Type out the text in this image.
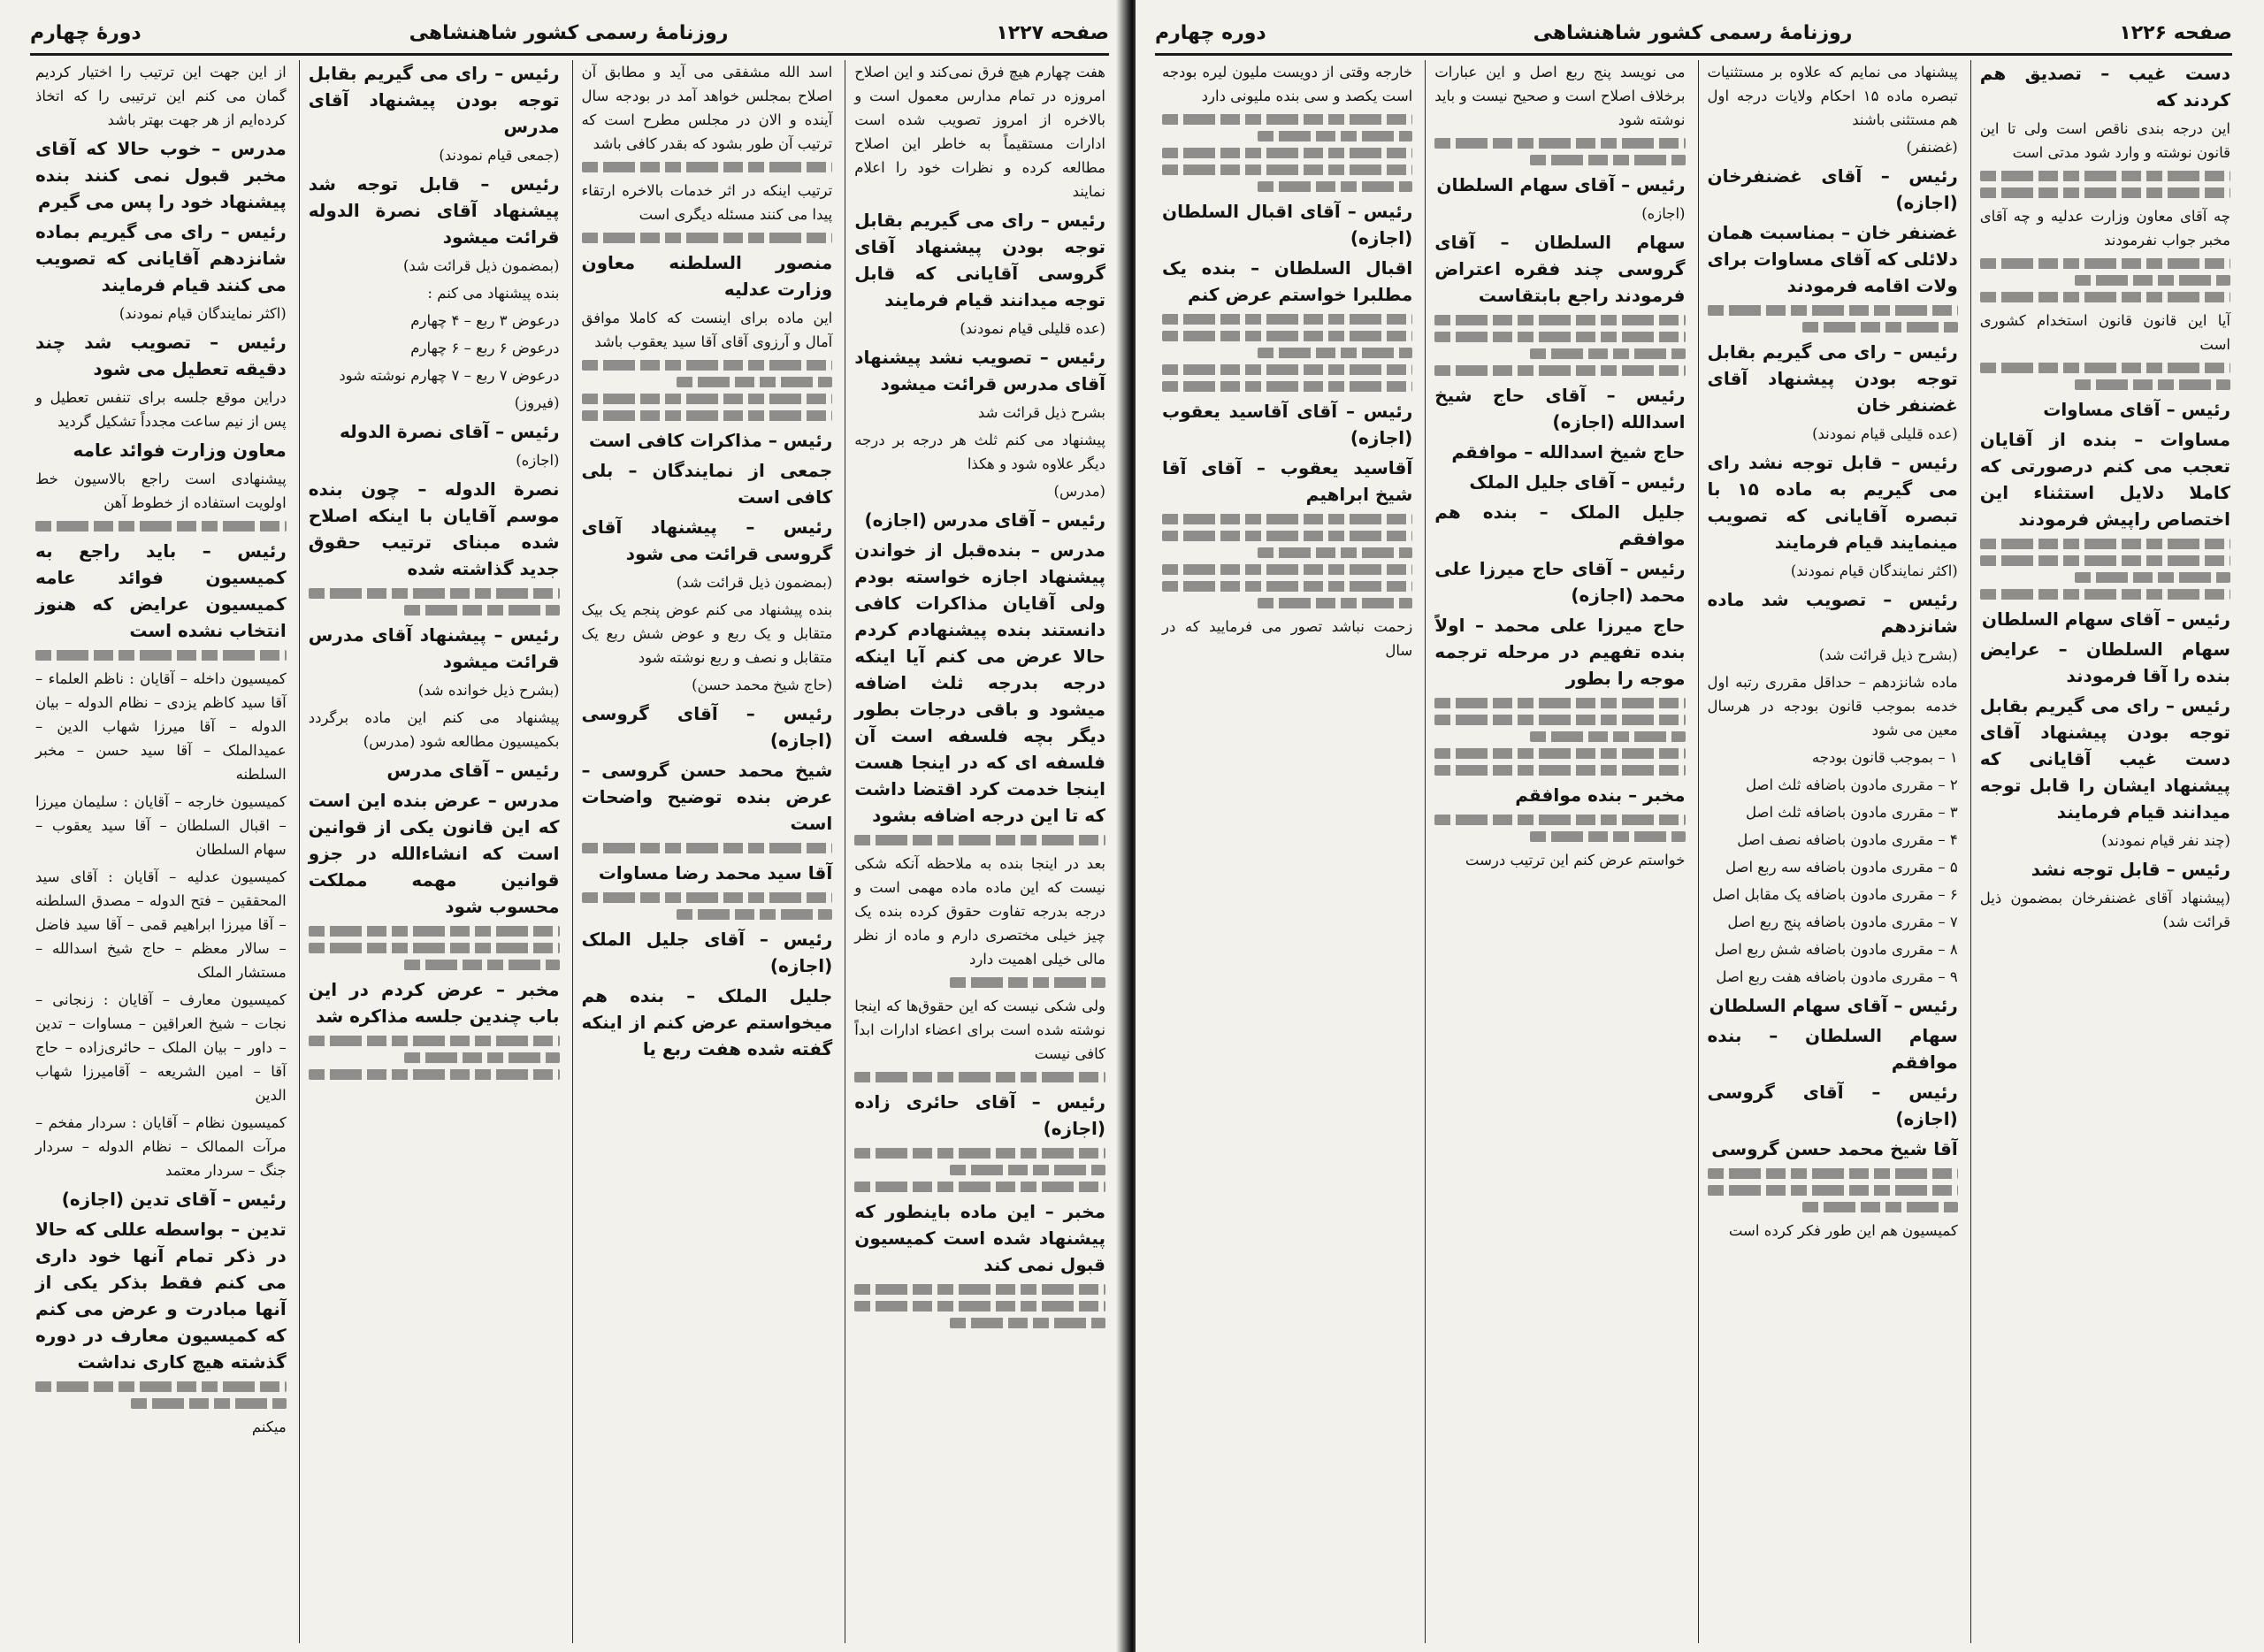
صفحه ۱۲۲۷
روزنامهٔ رسمی کشور شاهنشاهی
دورهٔ چهارم

هفت چهارم هیچ فرق نمی‌کند و این اصلاح امروزه در تمام مدارس معمول است و بالاخره از امروز تصویب شده است ادارات مستقیماً به خاطر این اصلاح مطالعه کرده و نظرات خود را اعلام نمایند

رئیس – رای می گیریم بقابل توجه بودن پیشنهاد آقای گروسی آقایانی که قابل توجه میدانند قیام فرمایند

(عده قلیلی قیام نمودند)

رئیس – تصویب نشد پیشنهاد آقای مدرس قرائت میشود

بشرح ذیل قرائت شد

پیشنهاد می کنم ثلث هر درجه بر درجه دیگر علاوه شود و هکذا

(مدرس)

رئیس – آقای مدرس (اجازه)

مدرس – بنده‌قبل از خواندن پیشنهاد اجازه خواسته بودم ولی آقایان مذاکرات کافی دانستند بنده پیشنهادم کردم حالا عرض می کنم آیا اینکه درجه بدرجه ثلث اضافه میشود و باقی درجات بطور دیگر بچه فلسفه است آن فلسفه ای که در اینجا هست اینجا خدمت کرد اقتضا داشت که تا این درجه اضافه بشود

بعد در اینجا بنده به ملاحظه آنکه شکی نیست که این ماده ماده مهمی است و درجه بدرجه تفاوت حقوق کرده بنده یک چیز خیلی مختصری دارم و ماده از نظر مالی خیلی اهمیت دارد

ولی شکی نیست که این حقوق‌ها که اینجا نوشته شده است برای اعضاء ادارات ابداً کافی نیست

رئیس – آقای حائری زاده (اجازه)

مخبر – این ماده باینطور که پیشنهاد شده است کمیسیون قبول نمی کند

اسد الله مشفقی می آید و مطابق آن اصلاح بمجلس خواهد آمد در بودجه سال آینده و الان در مجلس مطرح است که ترتیب آن طور بشود که بقدر کافی باشد

ترتیب اینکه در اثر خدمات بالاخره ارتقاء پیدا می کنند مسئله دیگری است

منصور السلطنه معاون وزارت عدلیه

این ماده برای اینست که کاملا موافق آمال و آرزوی آقای آقا سید یعقوب باشد

رئیس – مذاکرات کافی است

جمعی از نمایندگان – بلی کافی است

رئیس – پیشنهاد آقای گروسی قرائت می شود

(بمضمون ذیل قرائت شد)

بنده پیشنهاد می کنم عوض پنجم یک بیک متقابل و یک ربع و عوض شش ربع یک متقابل و نصف و ربع نوشته شود

(حاج شیخ محمد حسن)

رئیس – آقای گروسی (اجازه)

شیخ محمد حسن گروسی – عرض بنده توضیح واضحات است

آقا سید محمد رضا مساوات

رئیس – آقای جلیل الملک (اجازه)

جلیل الملک – بنده هم میخواستم عرض کنم از اینکه گفته شده هفت ربع یا

رئیس – رای می گیریم بقابل توجه بودن پیشنهاد آقای مدرس

(جمعی قیام نمودند)

رئیس – قابل توجه شد پیشنهاد آقای نصرة الدوله قرائت میشود

(بمضمون ذیل قرائت شد)

بنده پیشنهاد می کنم :

درعوض ۳ ربع – ۴ چهارم

درعوض ۶ ربع – ۶ چهارم

درعوض ۷ ربع – ۷ چهارم نوشته شود

(فیروز)

رئیس – آقای نصرة الدوله

(اجازه)

نصرة الدوله – چون بنده موسم آقایان با اینکه اصلاح شده مبنای ترتیب حقوق جدید گذاشته شده

رئیس – پیشنهاد آقای مدرس قرائت میشود

(بشرح ذیل خوانده شد)

پیشنهاد می کنم این ماده برگردد بکمیسیون مطالعه شود (مدرس)

رئیس – آقای مدرس

مدرس – عرض بنده این است که این قانون یکی از قوانین است که انشاءالله در جزو قوانین مهمه مملکت محسوب شود

مخبر – عرض کردم در این باب چندین جلسه مذاکره شد

از این جهت این ترتیب را اختیار کردیم گمان می کنم این ترتیبی را که اتخاذ کرده‌ایم از هر جهت بهتر باشد

مدرس – خوب حالا که آقای مخبر قبول نمی کنند بنده پیشنهاد خود را پس می گیرم

رئیس – رای می گیریم بماده شانزدهم آقایانی که تصویب می کنند قیام فرمایند

(اکثر نمایندگان قیام نمودند)

رئیس – تصویب شد چند دقیقه تعطیل می شود

دراین موقع جلسه برای تنفس تعطیل و پس از نیم ساعت مجدداً تشکیل گردید

معاون وزارت فوائد عامه

پیشنهادی است راجع بالاسیون خط اولویت استفاده از خطوط آهن

رئیس – باید راجع به کمیسیون فوائد عامه کمیسیون عرایض که هنوز انتخاب نشده است

کمیسیون داخله – آقایان : ناظم العلماء – آقا سید کاظم یزدی – نظام الدوله – بیان الدوله – آقا میرزا شهاب الدین – عمیدالملک – آقا سید حسن – مخبر السلطنه

کمیسیون خارجه – آقایان : سلیمان میرزا – اقبال السلطان – آقا سید یعقوب – سهام السلطان

کمیسیون عدلیه – آقایان : آقای سید المحققین – فتح الدوله – مصدق السلطنه – آقا میرزا ابراهیم قمی – آقا سید فاضل – سالار معظم – حاج شیخ اسدالله – مستشار الملک

کمیسیون معارف – آقایان : زنجانی – نجات – شیخ العراقین – مساوات – تدین – داور – بیان الملک – حائری‌زاده – حاج آقا – امین الشریعه – آقامیرزا شهاب الدین

کمیسیون نظام – آقایان : سردار مفخم – مرآت الممالک – نظام الدوله – سردار جنگ – سردار معتمد

رئیس – آقای تدین (اجازه)

تدین – بواسطه عللی که حالا در ذکر تمام آنها خود داری می کنم فقط بذکر یکی از آنها مبادرت و عرض می کنم که کمیسیون معارف در دوره گذشته هیچ کاری نداشت

میکنم

صفحه ۱۲۲۶
روزنامهٔ رسمی کشور شاهنشاهی
دوره چهارم

دست غیب – تصدیق هم کردند که

این درجه بندی ناقص است ولی تا این قانون نوشته و وارد شود مدتی است

چه آقای معاون وزارت عدلیه و چه آقای مخبر جواب نفرمودند

آیا این قانون قانون استخدام کشوری است

رئیس – آقای مساوات

مساوات – بنده از آقایان تعجب می کنم درصورتی که کاملا دلایل استثناء این اختصاص راپیش فرمودند

رئیس – آقای سهام السلطان

سهام السلطان – عرایض بنده را آقا فرمودند

رئیس – رای می گیریم بقابل توجه بودن پیشنهاد آقای دست غیب آقایانی که پیشنهاد ایشان را قابل توجه میدانند قیام فرمایند

(چند نفر قیام نمودند)

رئیس – قابل توجه نشد

(پیشنهاد آقای غضنفرخان بمضمون ذیل قرائت شد)

پیشنهاد می نمایم که علاوه بر مستثنیات تبصره ماده ۱۵ احکام ولایات درجه اول هم مستثنی باشند

(غضنفر)

رئیس – آقای غضنفرخان (اجازه)

غضنفر خان – بمناسبت همان دلائلی که آقای مساوات برای ولات اقامه فرمودند

رئیس – رای می گیریم بقابل توجه بودن پیشنهاد آقای غضنفر خان

(عده قلیلی قیام نمودند)

رئیس – قابل توجه نشد رای می گیریم به ماده ۱۵ با تبصره آقایانی که تصویب مینمایند قیام فرمایند

(اکثر نمایندگان قیام نمودند)

رئیس – تصویب شد ماده شانزدهم

(بشرح ذیل قرائت شد)

ماده شانزدهم – حداقل مقرری رتبه اول خدمه بموجب قانون بودجه در هرسال معین می شود

۱ – بموجب قانون بودجه

۲ – مقرری مادون باضافه ثلث اصل

۳ – مقرری مادون باضافه ثلث اصل

۴ – مقرری مادون باضافه نصف اصل

۵ – مقرری مادون باضافه سه ربع اصل

۶ – مقرری مادون باضافه یک مقابل اصل

۷ – مقرری مادون باضافه پنج ربع اصل

۸ – مقرری مادون باضافه شش ربع اصل

۹ – مقرری مادون باضافه هفت ربع اصل

رئیس – آقای سهام السلطان

سهام السلطان – بنده موافقم

رئیس – آقای گروسی (اجازه)

آقا شیخ محمد حسن گروسی

کمیسیون هم این طور فکر کرده است

می نویسد پنج ربع اصل و این عبارات برخلاف اصلاح است و صحیح نیست و باید نوشته شود

رئیس – آقای سهام السلطان

(اجازه)

سهام السلطان – آقای گروسی چند فقره اعتراض فرمودند راجع بابتقاست

رئیس – آقای حاج شیخ اسدالله (اجازه)

حاج شیخ اسدالله – موافقم

رئیس – آقای جلیل الملک

جلیل الملک – بنده هم موافقم

رئیس – آقای حاج میرزا علی محمد (اجازه)

حاج میرزا علی محمد – اولاً بنده تفهیم در مرحله ترجمه موجه را بطور

مخبر – بنده موافقم

خواستم عرض کنم این ترتیب درست

خارجه وقتی از دویست ملیون لیره بودجه است یکصد و سی بنده ملیونی دارد

رئیس – آقای اقبال السلطان (اجازه)

اقبال السلطان – بنده یک مطلبرا خواستم عرض کنم

رئیس – آقای آقاسید یعقوب (اجازه)

آقاسید یعقوب – آقای آقا شیخ ابراهیم

زحمت نباشد تصور می فرمایید که در سال
